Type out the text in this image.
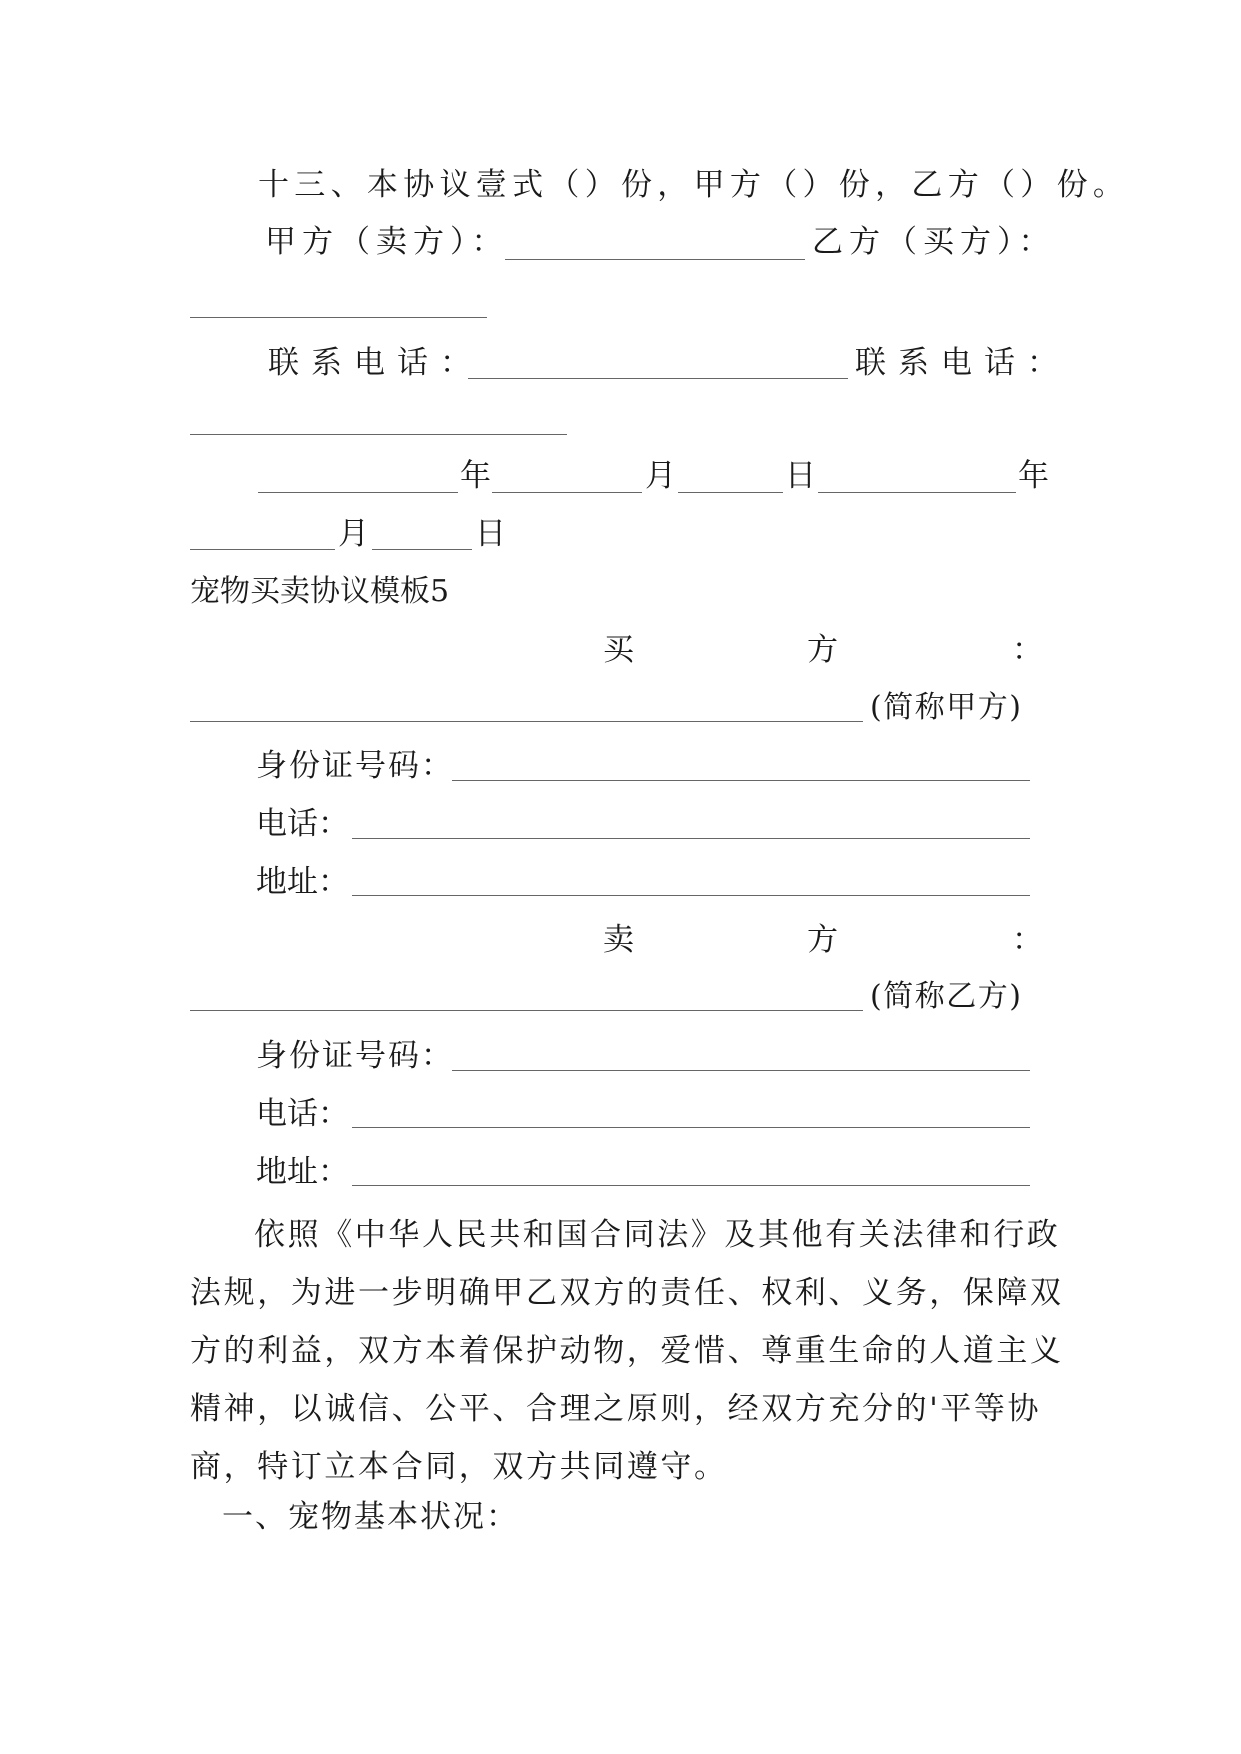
十三、本协议壹式（）份，甲方（）份，乙方（）份。
甲方（卖方）：	乙方（买方）：
联系电话：	联系电话：
年	月	日	年
月	日
宠物买卖协议模板5
买	方	：
(简称甲方)
身份证号码：
电话：
地址：
卖	方	：
(简称乙方)
身份证号码：
电话：
地址：
依照《中华人民共和国合同法》及其他有关法律和行政法规，为进一步明确甲乙双方的责任、权利、义务，保障双方的利益，双方本着保护动物，爱惜、尊重生命的人道主义精神，以诚信、公平、合理之原则，经双方充分的'平等协商，特订立本合同，双方共同遵守。
一、宠物基本状况：
